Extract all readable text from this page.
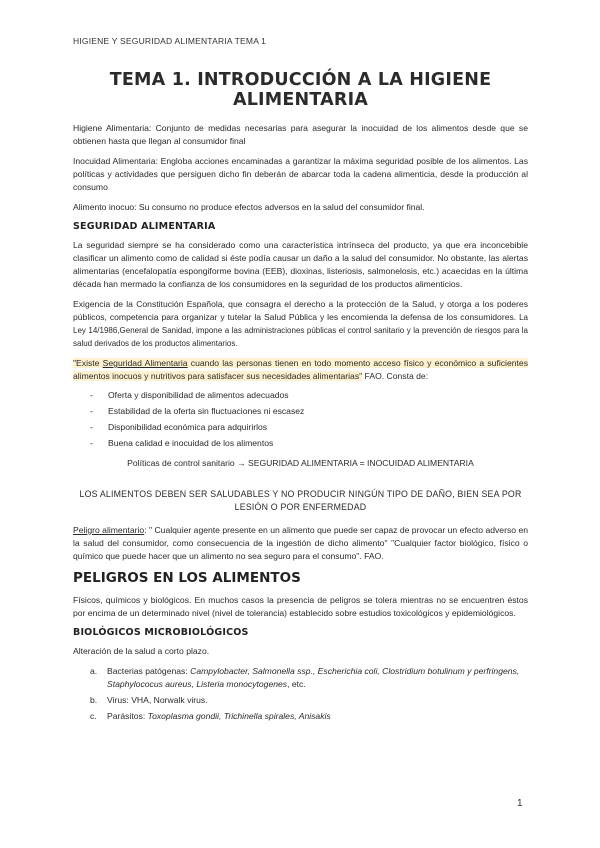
HIGIENE Y SEGURIDAD ALIMENTARIA TEMA 1
TEMA 1. INTRODUCCIÓN A LA HIGIENE ALIMENTARIA

Higiene Alimentaria: Conjunto de medidas necesarias para asegurar la inocuidad de los alimentos desde que se obtienen hasta que llegan al consumidor final

Inocuidad Alimentaria: Engloba acciones encaminadas a garantizar la máxima seguridad posible de los alimentos. Las políticas y actividades que persiguen dicho fin deberán de abarcar toda la cadena alimenticia, desde la producción al consumo

Alimento inocuo: Su consumo no produce efectos adversos en la salud del consumidor final.

SEGURIDAD ALIMENTARIA

La seguridad siempre se ha considerado como una característica intrínseca del producto, ya que era inconcebible clasificar un alimento como de calidad si éste podía causar un daño a la salud del consumidor. No obstante, las alertas alimentarias (encefalopatía espongiforme bovina (EEB), dioxinas, listeriosis, salmonelosis, etc.) acaecidas en la última década han mermado la confianza de los consumidores en la seguridad de los productos alimenticios.

Exigencia de la Constitución Española, que consagra el derecho a la protección de la Salud, y otorga a los poderes públicos, competencia para organizar y tutelar la Salud Pública y les encomienda la defensa de los consumidores. La Ley 14/1986,General de Sanidad, impone a las administraciones públicas el control sanitario y la prevención de riesgos para la salud derivados de los productos alimentarios.

"Existe Seguridad Alimentaria cuando las personas tienen en todo momento acceso físico y económico a suficientes alimentos inocuos y nutritivos para satisfacer sus necesidades alimentarias" FAO. Consta de:

- Oferta y disponibilidad de alimentos adecuados
- Estabilidad de la oferta sin fluctuaciones ni escasez
- Disponibilidad económica para adquirirlos
- Buena calidad e inocuidad de los alimentos

Políticas de control sanitario → SEGURIDAD ALIMENTARIA = INOCUIDAD ALIMENTARIA

LOS ALIMENTOS DEBEN SER SALUDABLES Y NO PRODUCIR NINGÚN TIPO DE DAÑO, BIEN SEA POR LESIÓN O POR ENFERMEDAD

Peligro alimentario: " Cualquier agente presente en un alimento que puede ser capaz de provocar un efecto adverso en la salud del consumidor, como consecuencia de la ingestión de dicho alimento" "Cualquier factor biológico, físico o químico que puede hacer que un alimento no sea seguro para el consumo". FAO.

PELIGROS EN LOS ALIMENTOS

Físicos, químicos y biológicos. En muchos casos la presencia de peligros se tolera mientras no se encuentren éstos por encima de un determinado nivel (nivel de tolerancia) establecido sobre estudios toxicológicos y epidemiológicos.

BIOLÓGICOS MICROBIOLÓGICOS

Alteración de la salud a corto plazo.

a. Bacterias patógenas: Campylobacter, Salmonella ssp., Escherichia coli, Clostridium botulinum y perfringens, Staphylococus aureus, Listeria monocytogenes, etc.
b. Virus: VHA, Norwalk virus.
c. Parásitos: Toxoplasma gondii, Trichinella spirales, Anisakis
1
